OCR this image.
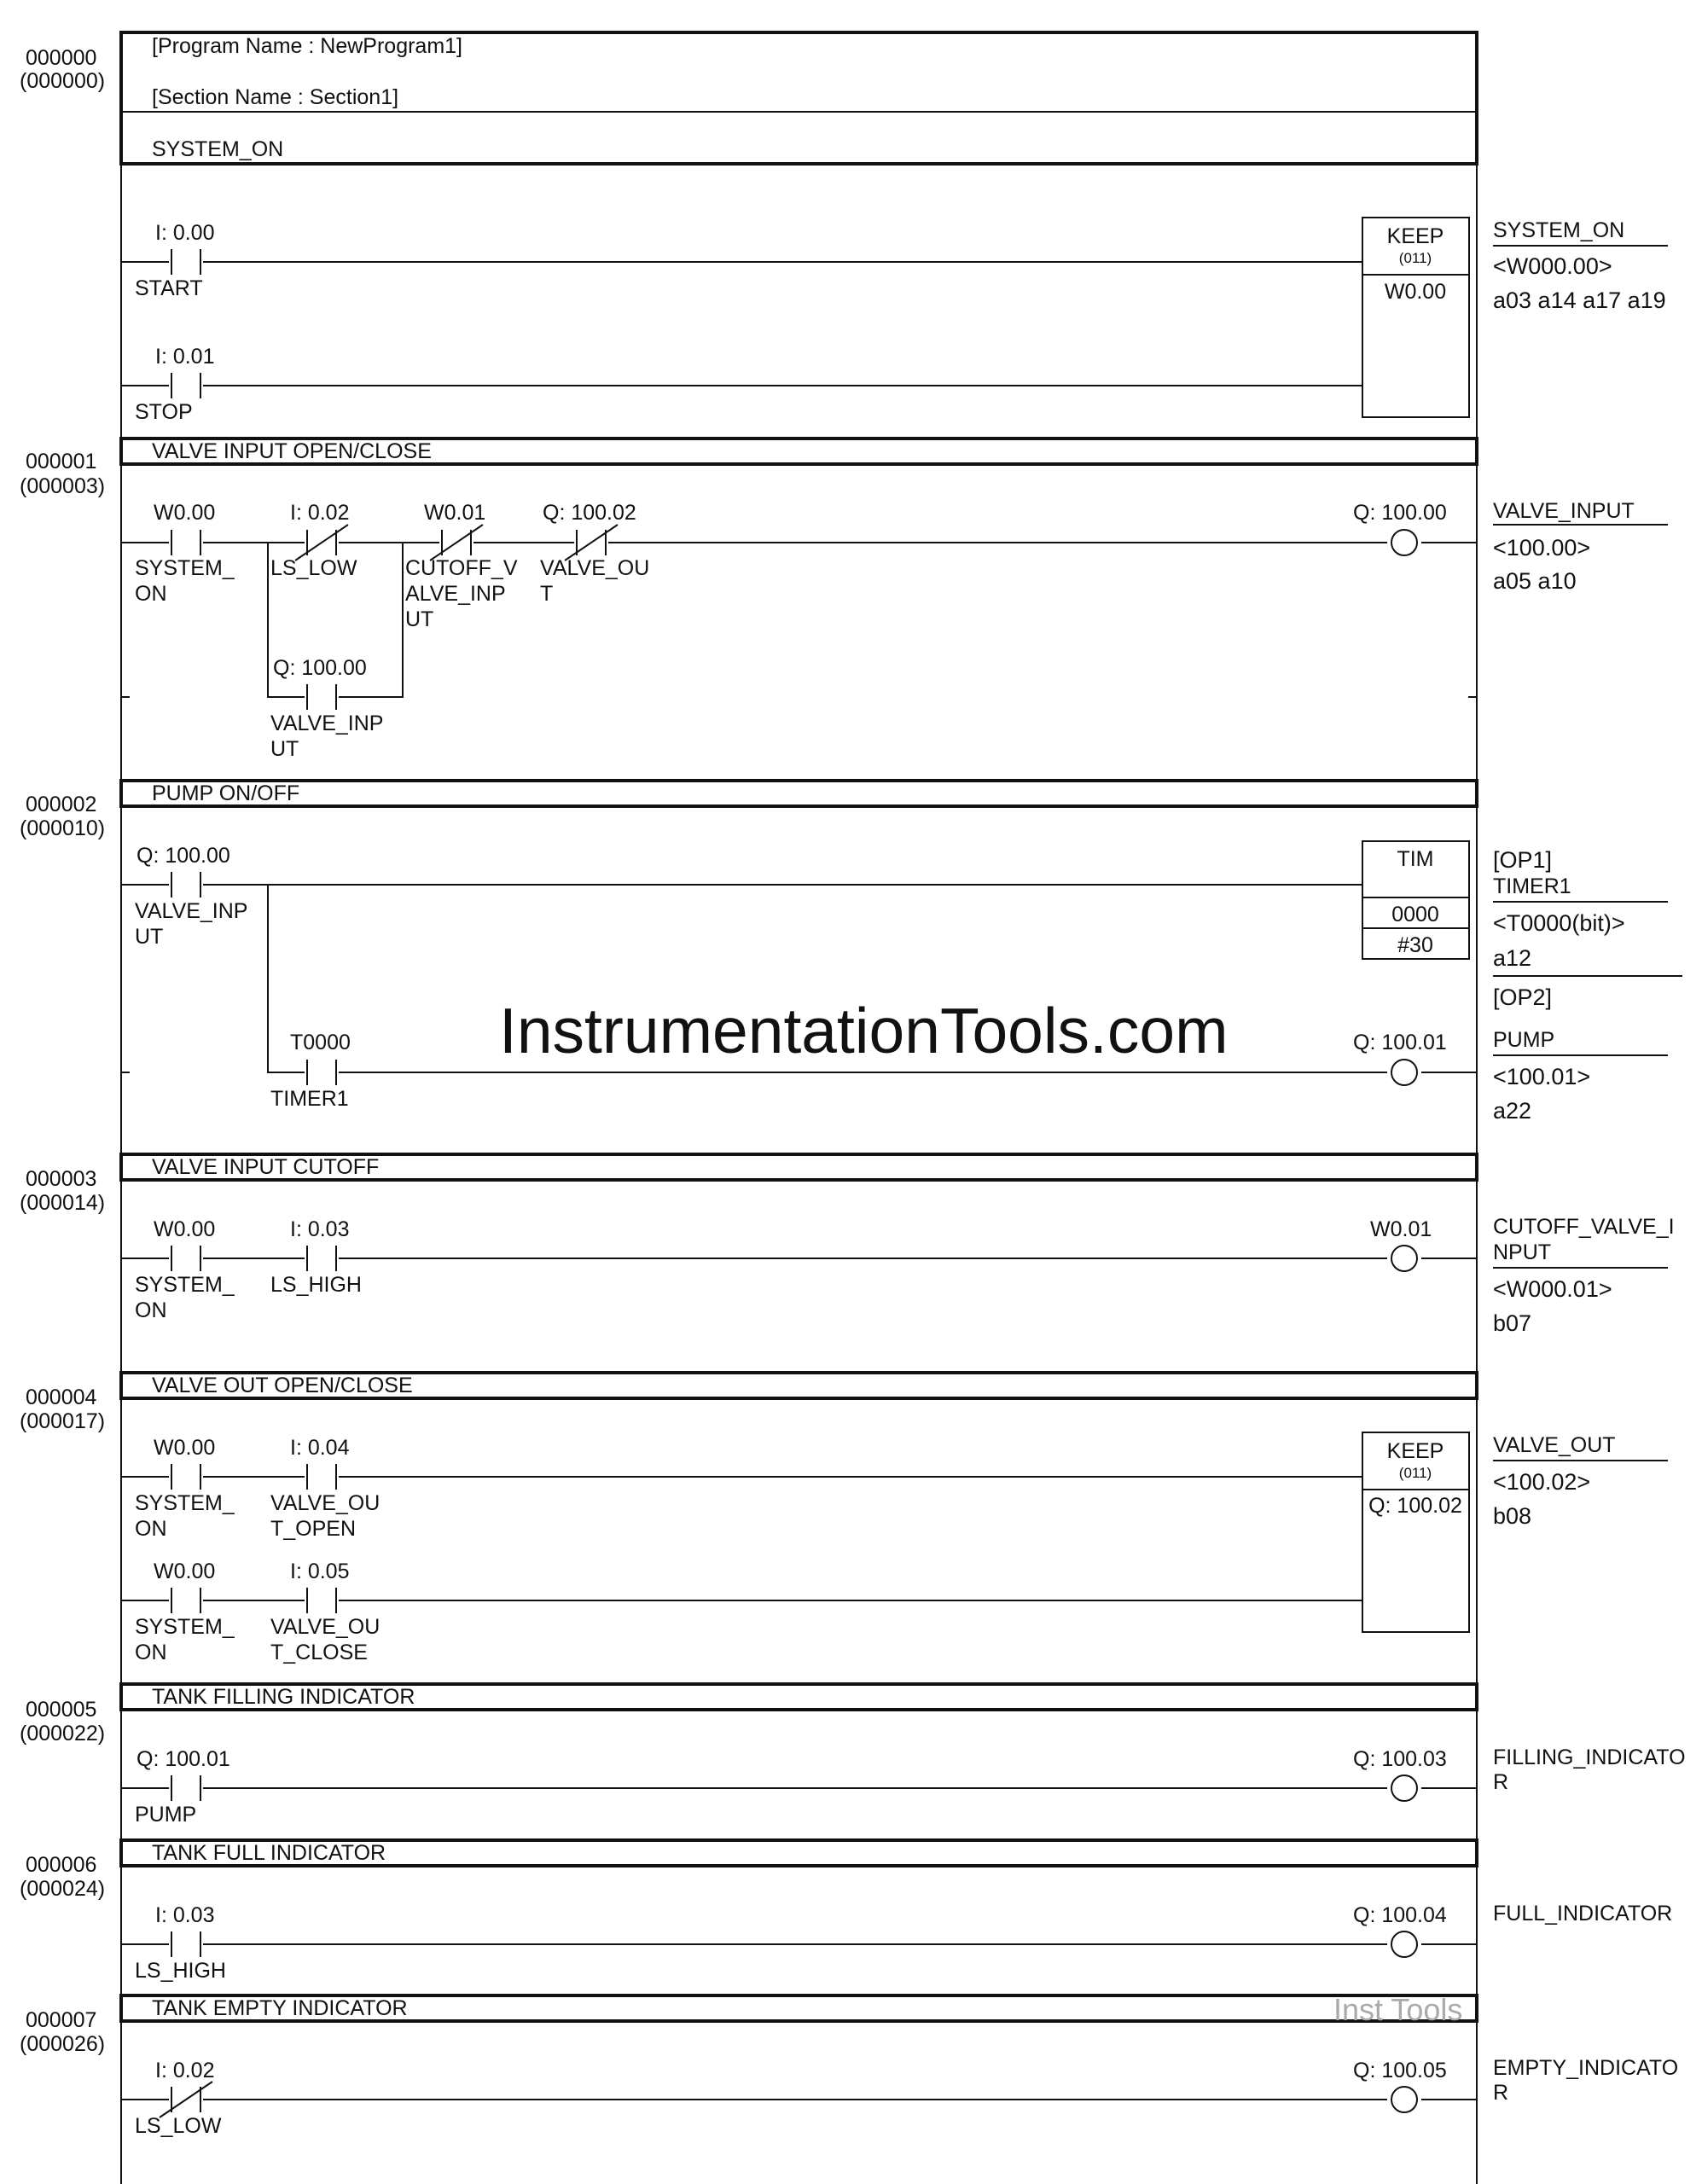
000000
(000000)
[Program Name : NewProgram1]
[Section Name : Section1]
SYSTEM_ON
I: 0.00
START
I: 0.01
STOP
KEEP
(011)
W0.00
SYSTEM_ON
<W000.00>
a03 a14 a17 a19
000001
(000003)
VALVE INPUT OPEN/CLOSE
W0.00
SYSTEM_
ON
I: 0.02
LS_LOW
W0.01
CUTOFF_V
ALVE_INP
UT
Q: 100.02
VALVE_OU
T
Q: 100.00
VALVE_INP
UT
Q: 100.00 VALVE_INPUT
<100.00>
a05 a10
000002
(000010)
PUMP ON/OFF
Q: 100.00
VALVE_INP
UT
T0000
TIMER1
TIM
0000
#30
Q: 100.01
[OP1]
TIMER1
<T0000(bit)>
a12
[OP2]
PUMP
<100.01>
a22
InstrumentationTools.com
000003
(000014)
VALVE INPUT CUTOFF
W0.00
SYSTEM_
ON
I: 0.03
LS_HIGH
W0.01	CUTOFF_VALVE_I
NPUT
<W000.01>
b07
000004
(000017)
VALVE OUT OPEN/CLOSE
W0.00
SYSTEM_
ON
I: 0.04
VALVE_OU
T_OPEN
W0.00
SYSTEM_
ON
I: 0.05
VALVE_OU
T_CLOSE
KEEP
(011)
Q: 100.02
VALVE_OUT
<100.02>
b08
000005
(000022)
TANK FILLING INDICATOR
Q: 100.01
PUMP
Q: 100.03 FILLING_INDICATO
R
000006
(000024)
TANK FULL INDICATOR
I: 0.03
LS_HIGH
Q: 100.04 FULL_INDICATOR
000007
(000026)
TANK EMPTY INDICATOR	Inst Tools
I: 0.02
LS_LOW
Q: 100.05 EMPTY_INDICATO
R
